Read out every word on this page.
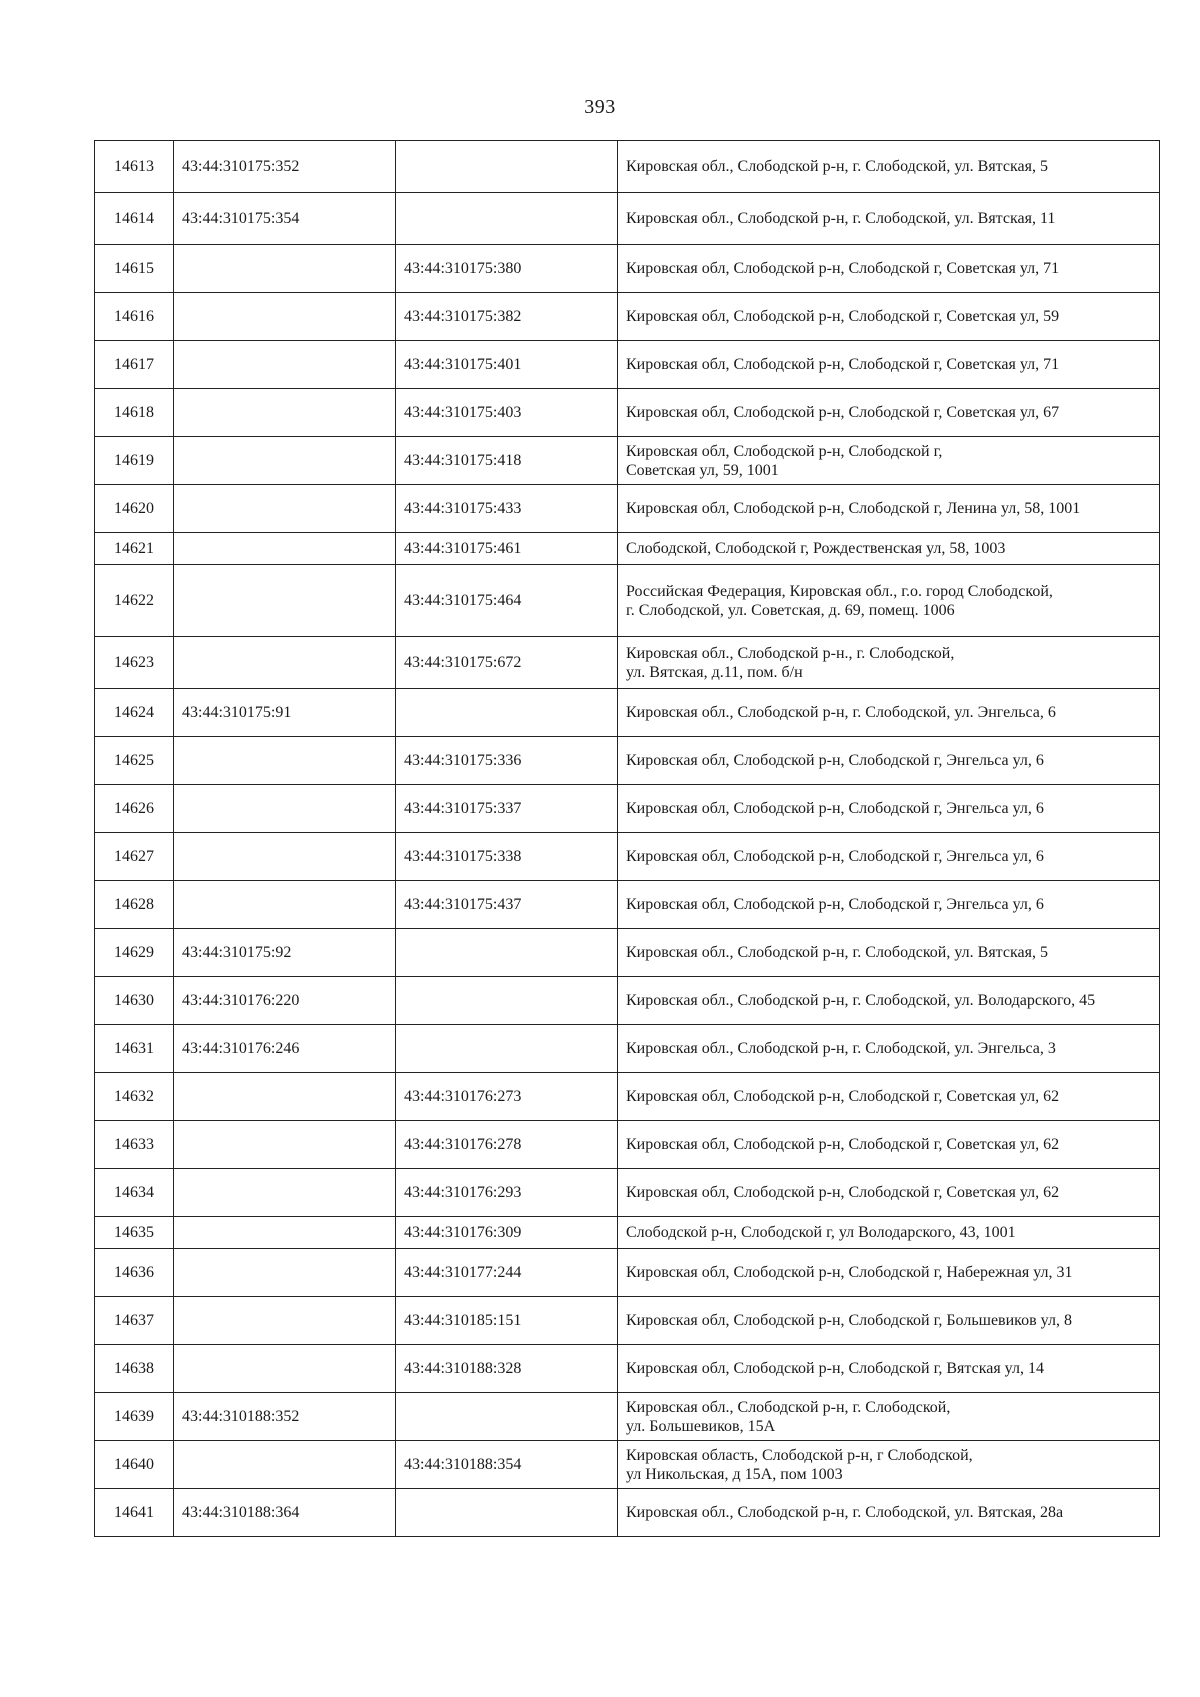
393
14613	43:44:310175:352		Кировская обл., Слободской р-н, г. Слободской, ул. Вятская, 5

14614	43:44:310175:354		Кировская обл., Слободской р-н, г. Слободской, ул. Вятская, 11

14615		43:44:310175:380	Кировская обл, Слободской р-н, Слободской г, Советская ул, 71

14616		43:44:310175:382	Кировская обл, Слободской р-н, Слободской г, Советская ул, 59

14617		43:44:310175:401	Кировская обл, Слободской р-н, Слободской г, Советская ул, 71

14618		43:44:310175:403	Кировская обл, Слободской р-н, Слободской г, Советская ул, 67

14619		43:44:310175:418	Кировская обл, Слободской р-н, Слободской г,
Советская ул, 59, 1001

14620		43:44:310175:433	Кировская обл, Слободской р-н, Слободской г, Ленина ул, 58, 1001

14621		43:44:310175:461	Слободской, Слободской г, Рождественская ул, 58, 1003

14622		43:44:310175:464	Российская Федерация, Кировская обл., г.о. город Слободской,
г. Слободской, ул. Советская, д. 69, помещ. 1006

14623		43:44:310175:672	Кировская обл., Слободской р-н., г. Слободской,
ул. Вятская, д.11, пом. б/н

14624	43:44:310175:91		Кировская обл., Слободской р-н, г. Слободской, ул. Энгельса, 6

14625		43:44:310175:336	Кировская обл, Слободской р-н, Слободской г, Энгельса ул, 6

14626		43:44:310175:337	Кировская обл, Слободской р-н, Слободской г, Энгельса ул, 6

14627		43:44:310175:338	Кировская обл, Слободской р-н, Слободской г, Энгельса ул, 6

14628		43:44:310175:437	Кировская обл, Слободской р-н, Слободской г, Энгельса ул, 6

14629	43:44:310175:92		Кировская обл., Слободской р-н, г. Слободской, ул. Вятская, 5

14630	43:44:310176:220		Кировская обл., Слободской р-н, г. Слободской, ул. Володарского, 45

14631	43:44:310176:246		Кировская обл., Слободской р-н, г. Слободской, ул. Энгельса, 3

14632		43:44:310176:273	Кировская обл, Слободской р-н, Слободской г, Советская ул, 62

14633		43:44:310176:278	Кировская обл, Слободской р-н, Слободской г, Советская ул, 62

14634		43:44:310176:293	Кировская обл, Слободской р-н, Слободской г, Советская ул, 62

14635		43:44:310176:309	Слободской р-н, Слободской г, ул Володарского, 43, 1001

14636		43:44:310177:244	Кировская обл, Слободской р-н, Слободской г, Набережная ул, 31

14637		43:44:310185:151	Кировская обл, Слободской р-н, Слободской г, Большевиков ул, 8

14638		43:44:310188:328	Кировская обл, Слободской р-н, Слободской г, Вятская ул, 14

14639	43:44:310188:352		Кировская обл., Слободской р-н, г. Слободской,
ул. Большевиков, 15А

14640		43:44:310188:354	Кировская область, Слободской р-н, г Слободской,
ул Никольская, д 15А, пом 1003

14641	43:44:310188:364		Кировская обл., Слободской р-н, г. Слободской, ул. Вятская, 28а
